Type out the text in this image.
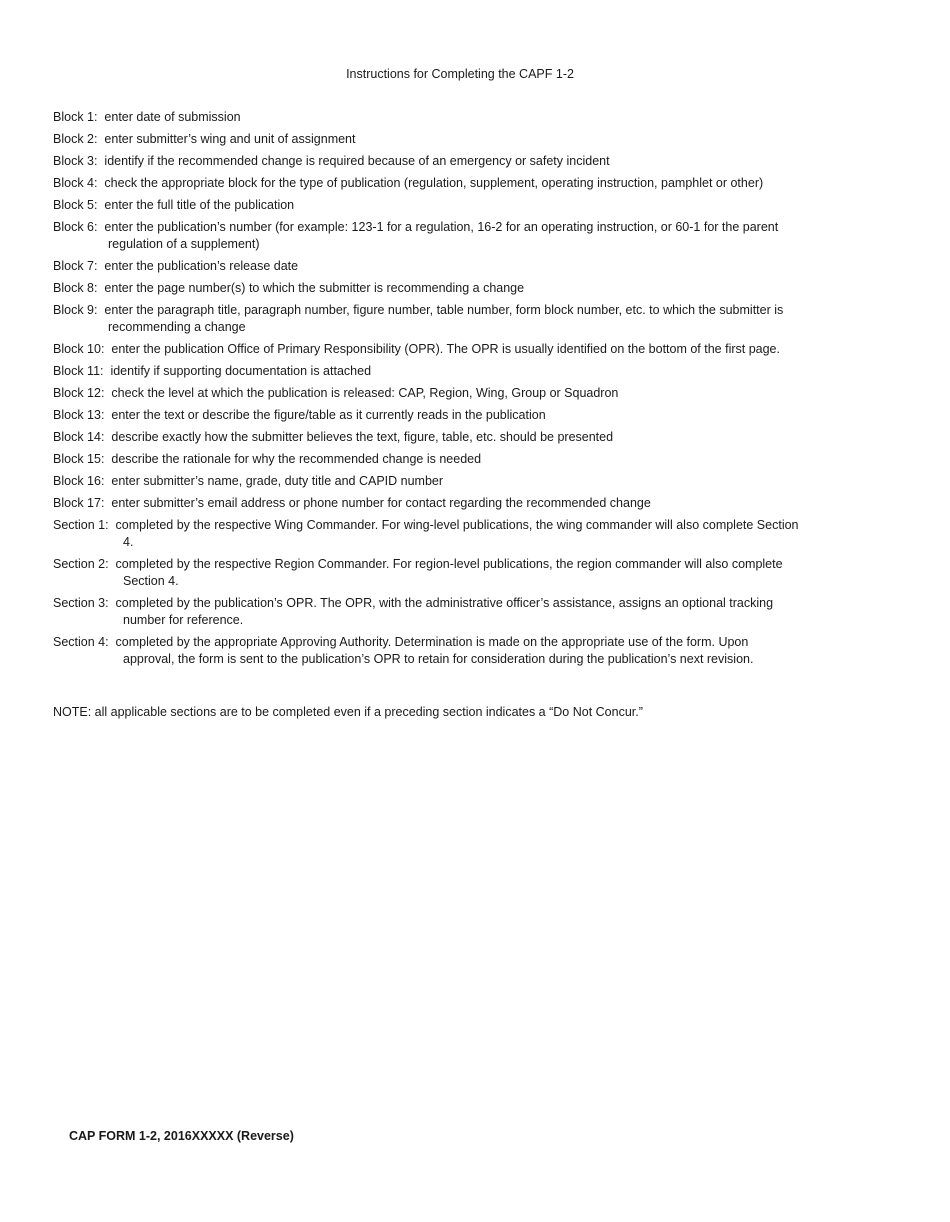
Instructions for Completing the CAPF 1-2
Block 1:  enter date of submission
Block 2:  enter submitter’s wing and unit of assignment
Block 3:  identify if the recommended change is required because of an emergency or safety incident
Block 4:  check the appropriate block for the type of publication (regulation, supplement, operating instruction, pamphlet or other)
Block 5:  enter the full title of the publication
Block 6:  enter the publication’s number (for example: 123-1 for a regulation, 16-2 for an operating instruction, or 60-1 for the parent
regulation of a supplement)
Block 7:  enter the publication’s release date
Block 8:  enter the page number(s) to which the submitter is recommending a change
Block 9:  enter the paragraph title, paragraph number, figure number, table number, form block number, etc. to which the submitter is
recommending a change
Block 10:  enter the publication Office of Primary Responsibility (OPR). The OPR is usually identified on the bottom of the first page.
Block 11:  identify if supporting documentation is attached
Block 12:  check the level at which the publication is released: CAP, Region, Wing, Group or Squadron
Block 13:  enter the text or describe the figure/table as it currently reads in the publication
Block 14:  describe exactly how the submitter believes the text, figure, table, etc. should be presented
Block 15:  describe the rationale for why the recommended change is needed
Block 16:  enter submitter’s name, grade, duty title and CAPID number
Block 17:  enter submitter’s email address or phone number for contact regarding the recommended change
Section 1:  completed by the respective Wing Commander. For wing-level publications, the wing commander will also complete Section
4.
Section 2:  completed by the respective Region Commander. For region-level publications, the region commander will also complete
Section 4.
Section 3:  completed by the publication’s OPR. The OPR, with the administrative officer’s assistance, assigns an optional tracking
number for reference.
Section 4:  completed by the appropriate Approving Authority. Determination is made on the appropriate use of the form. Upon
approval, the form is sent to the publication’s OPR to retain for consideration during the publication’s next revision.
NOTE: all applicable sections are to be completed even if a preceding section indicates a “Do Not Concur.”
CAP FORM 1-2, 2016XXXXX (Reverse)
